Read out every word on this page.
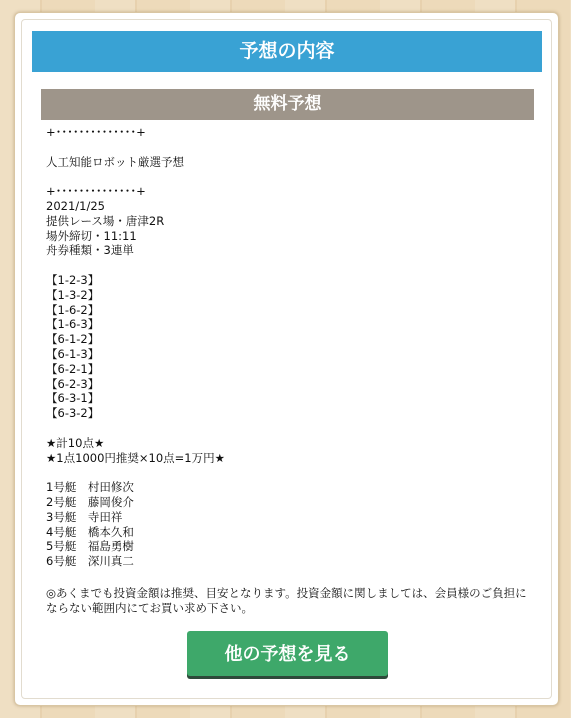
予想の内容
無料予想
+･･････････････+
人工知能ロボット厳選予想
+･･････････････+
2021/1/25
提供レース場・唐津2R
場外締切・11:11
舟券種類・3連単
【1-2-3】
【1-3-2】
【1-6-2】
【1-6-3】
【6-1-2】
【6-1-3】
【6-2-1】
【6-2-3】
【6-3-1】
【6-3-2】
★計10点★
★1点1000円推奨×10点=1万円★
1号艇　村田修次
2号艇　藤岡俊介
3号艇　寺田祥
4号艇　橋本久和
5号艇　福島勇樹
6号艇　深川真二
◎あくまでも投資金額は推奨、目安となります。投資金額に関しましては、会員様のご負担にならない範囲内にてお買い求め下さい。
他の予想を見る
